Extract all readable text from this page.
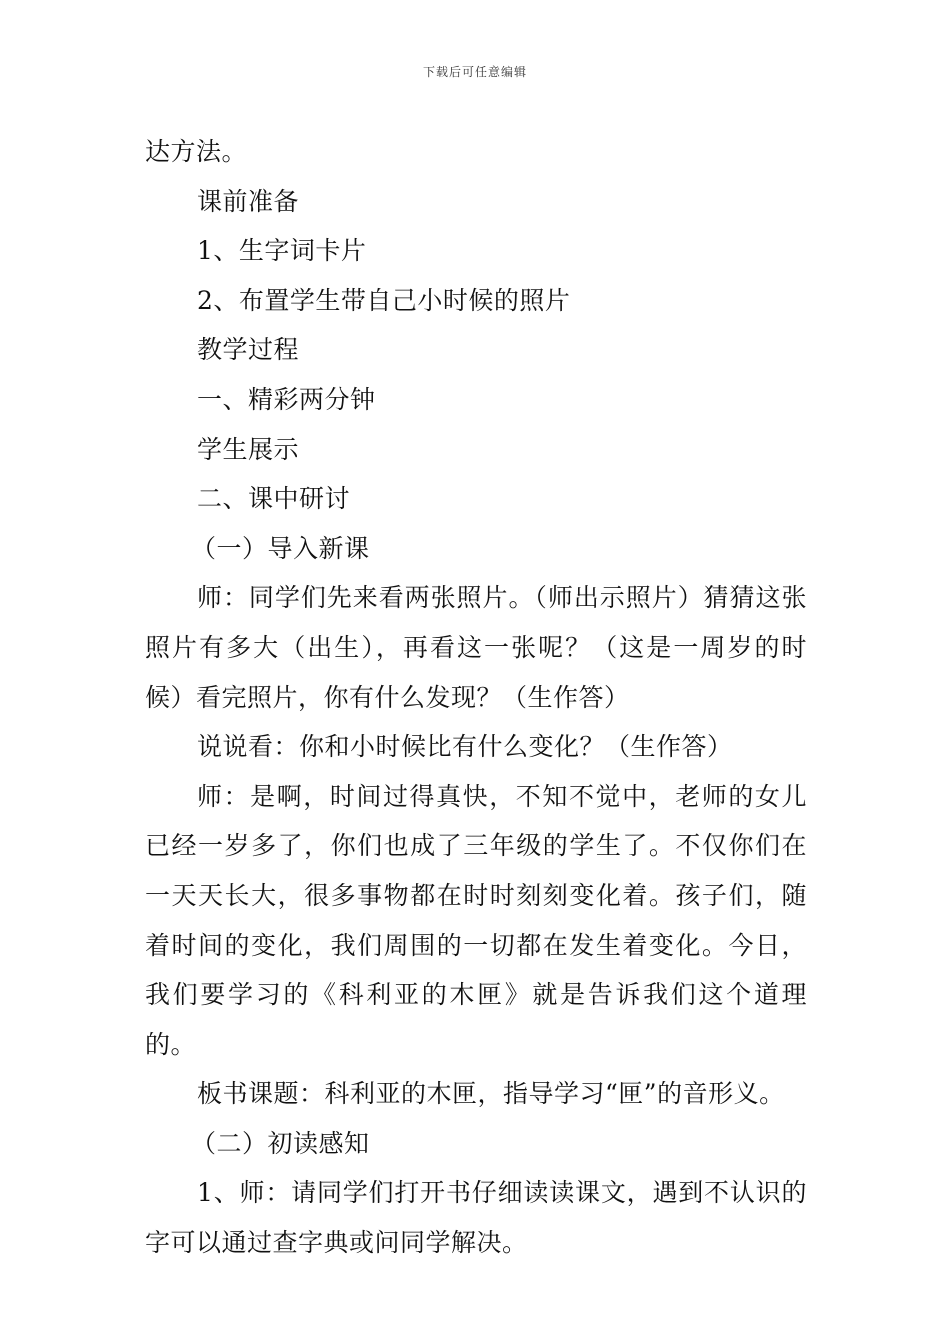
下载后可任意编辑

达方法。

课前准备

1、生字词卡片

2、布置学生带自己小时候的照片

教学过程

一、精彩两分钟

学生展示

二、课中研讨

（一）导入新课

师：同学们先来看两张照片。（师出示照片）猜猜这张照片有多大（出生），再看这一张呢？（这是一周岁的时候）看完照片，你有什么发现？（生作答）

说说看：你和小时候比有什么变化？（生作答）

师：是啊，时间过得真快，不知不觉中，老师的女儿已经一岁多了，你们也成了三年级的学生了。不仅你们在一天天长大，很多事物都在时时刻刻变化着。孩子们，随着时间的变化，我们周围的一切都在发生着变化。今日，我们要学习的《科利亚的木匣》就是告诉我们这个道理的。

板书课题：科利亚的木匣，指导学习“匣”的音形义。

（二）初读感知

1、师：请同学们打开书仔细读读课文，遇到不认识的字可以通过查字典或问同学解决。
